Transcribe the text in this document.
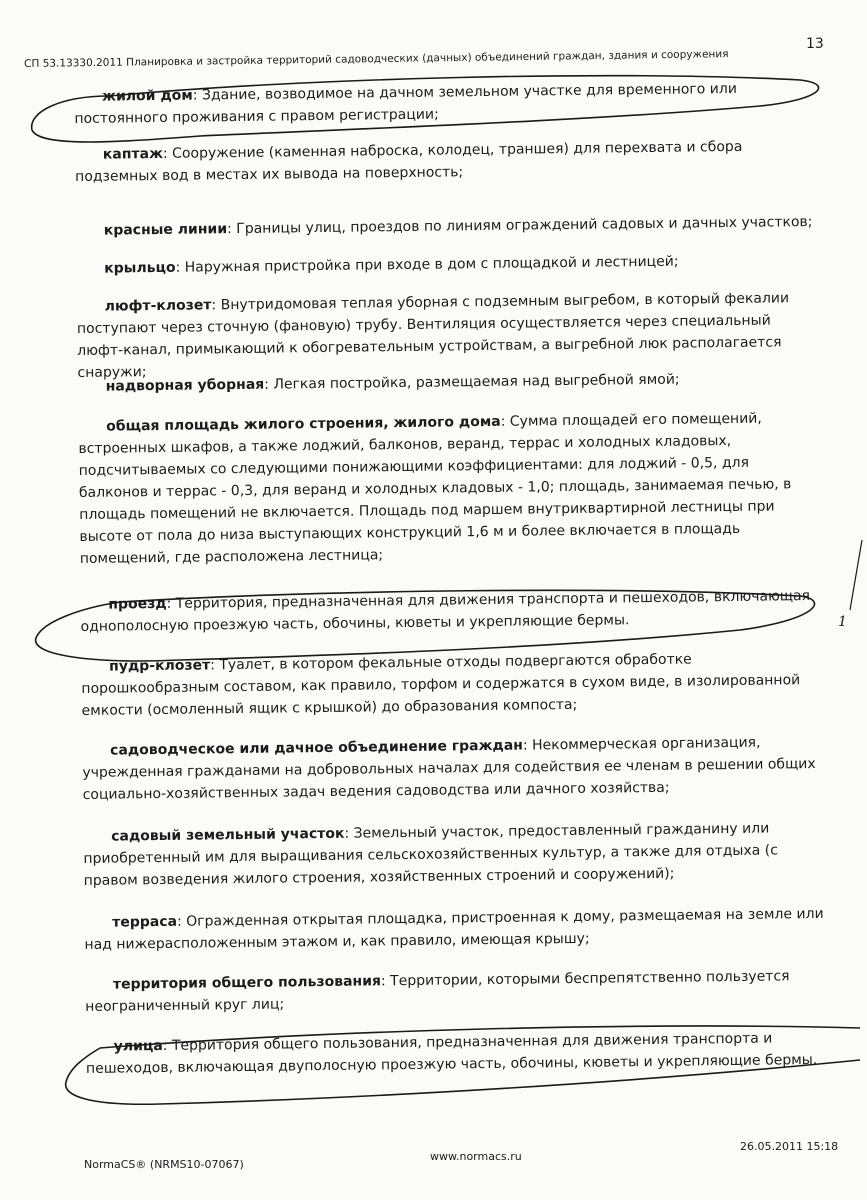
13
СП 53.13330.2011 Планировка и застройка территорий садоводческих (дачных) объединений граждан, здания и сооружения

жилой дом: Здание, возводимое на дачном земельном участке для временного или постоянного проживания с правом регистрации;

каптаж: Сооружение (каменная наброска, колодец, траншея) для перехвата и сбора подземных вод в местах их вывода на поверхность;

красные линии: Границы улиц, проездов по линиям ограждений садовых и дачных участков;

крыльцо: Наружная пристройка при входе в дом с площадкой и лестницей;

люфт-клозет: Внутридомовая теплая уборная с подземным выгребом, в который фекалии поступают через сточную (фановую) трубу. Вентиляция осуществляется через специальный люфт-канал, примыкающий к обогревательным устройствам, а выгребной люк располагается снаружи;

надворная уборная: Легкая постройка, размещаемая над выгребной ямой;

общая площадь жилого строения, жилого дома: Сумма площадей его помещений, встроенных шкафов, а также лоджий, балконов, веранд, террас и холодных кладовых, подсчитываемых со следующими понижающими коэффициентами: для лоджий - 0,5, для балконов и террас - 0,3, для веранд и холодных кладовых - 1,0; площадь, занимаемая печью, в площадь помещений не включается. Площадь под маршем внутриквартирной лестницы при высоте от пола до низа выступающих конструкций 1,6 м и более включается в площадь помещений, где расположена лестница;

проезд: Территория, предназначенная для движения транспорта и пешеходов, включающая однополосную проезжую часть, обочины, кюветы и укрепляющие бермы.

пудр-клозет: Туалет, в котором фекальные отходы подвергаются обработке порошкообразным составом, как правило, торфом и содержатся в сухом виде, в изолированной емкости (осмоленный ящик с крышкой) до образования компоста;

садоводческое или дачное объединение граждан: Некоммерческая организация, учрежденная гражданами на добровольных началах для содействия ее членам в решении общих социально-хозяйственных задач ведения садоводства или дачного хозяйства;

садовый земельный участок: Земельный участок, предоставленный гражданину или приобретенный им для выращивания сельскохозяйственных культур, а также для отдыха (с правом возведения жилого строения, хозяйственных строений и сооружений);

терраса: Огражденная открытая площадка, пристроенная к дому, размещаемая на земле или над нижерасположенным этажом и, как правило, имеющая крышу;

территория общего пользования: Территории, которыми беспрепятственно пользуется неограниченный круг лиц;

улица: Территория общего пользования, предназначенная для движения транспорта и пешеходов, включающая двуполосную проезжую часть, обочины, кюветы и укрепляющие бермы.

1
NormaCS® (NRMS10-07067)
www.normacs.ru
26.05.2011 15:18
